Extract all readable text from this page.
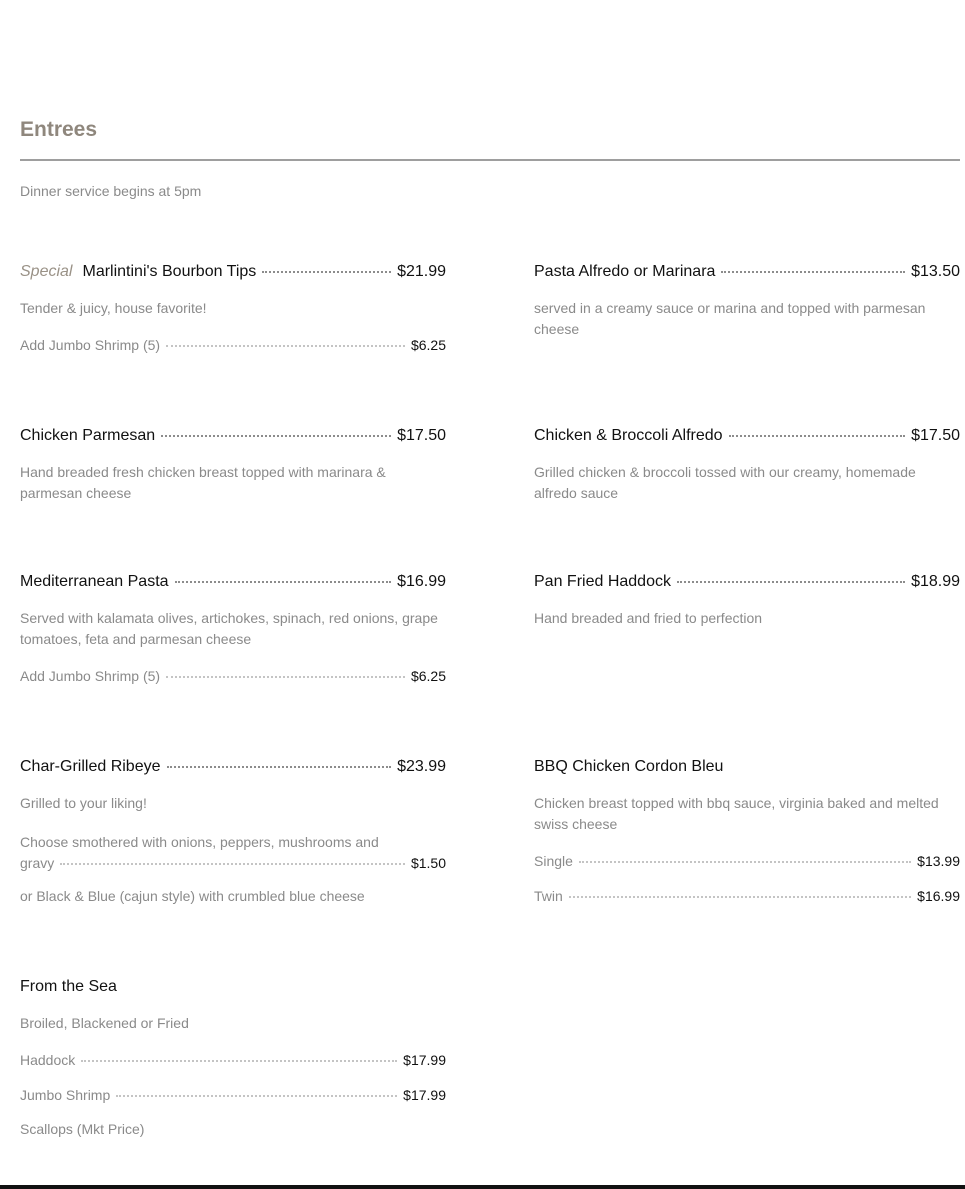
Entrees
Dinner service begins at 5pm
Special Marlintini's Bourbon Tips	$21.99
Tender & juicy, house favorite!
Add Jumbo Shrimp (5)	$6.25
Pasta Alfredo or Marinara	$13.50
served in a creamy sauce or marina and topped with parmesan cheese
Chicken Parmesan	$17.50
Hand breaded fresh chicken breast topped with marinara & parmesan cheese
Chicken & Broccoli Alfredo	$17.50
Grilled chicken & broccoli tossed with our creamy, homemade alfredo sauce
Mediterranean Pasta	$16.99
Served with kalamata olives, artichokes, spinach, red onions, grape tomatoes, feta and parmesan cheese
Add Jumbo Shrimp (5)	$6.25
Pan Fried Haddock	$18.99
Hand breaded and fried to perfection
Char-Grilled Ribeye	$23.99
Grilled to your liking!
Choose smothered with onions, peppers, mushrooms and
gravy	$1.50
or Black & Blue (cajun style) with crumbled blue cheese
BBQ Chicken Cordon Bleu
Chicken breast topped with bbq sauce, virginia baked and melted swiss cheese
Single	$13.99
Twin	$16.99
From the Sea
Broiled, Blackened or Fried
Haddock	$17.99
Jumbo Shrimp	$17.99
Scallops (Mkt Price)
